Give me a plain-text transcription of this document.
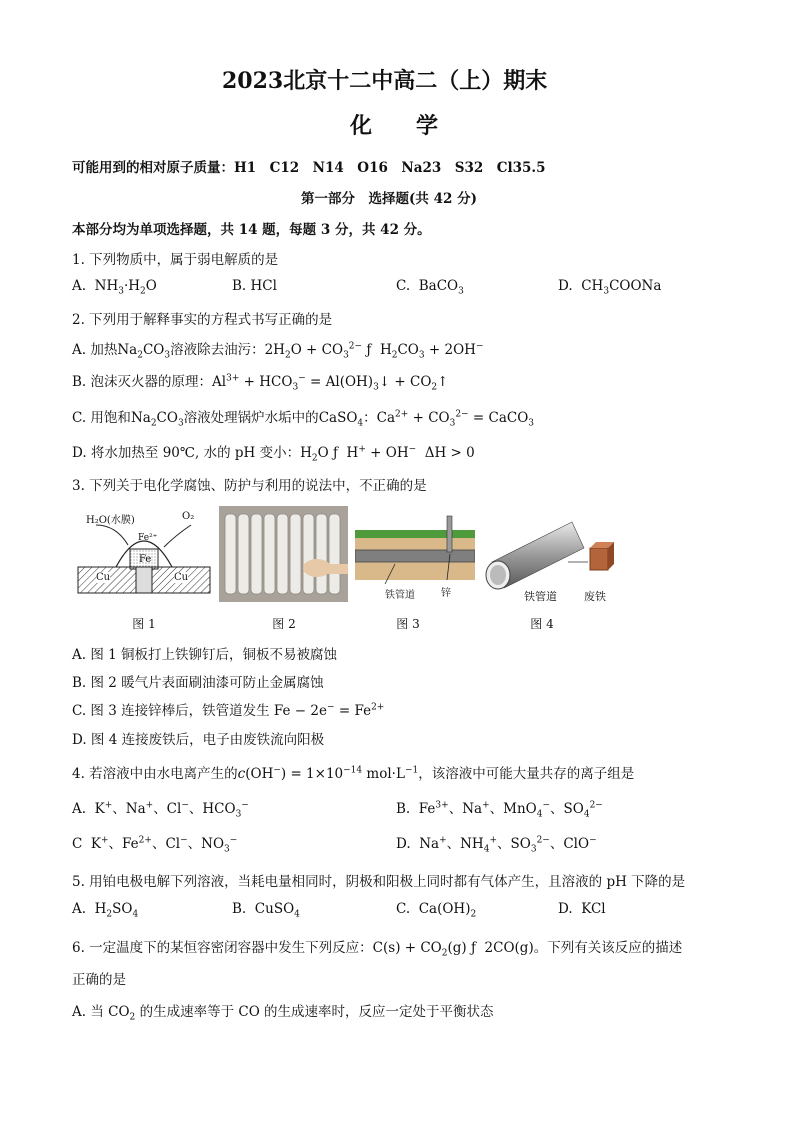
2023北京十二中高二（上）期末
化　　学
可能用到的相对原子质量：H1　C12　N14　O16　Na23　S32　Cl35.5
第一部分　选择题(共 42 分)
本部分均为单项选择题，共 14 题，每题 3 分，共 42 分。
1. 下列物质中，属于弱电解质的是
A.  $NH_3\cdot H_2O$	B. HCl	C.  BaCO$_3$	D.  $CH_3COONa$
2. 下列用于解释事实的方程式书写正确的是
A. 加热$Na_2CO_3$溶液除去油污：$2H_2O + CO_3^{2-}$ ƒ  $H_2CO_3 + 2OH^-$
B. 泡沫灭火器的原理：$Al^{3+} + HCO_3^-$ = $Al(OH)_3↓$ + $CO_2↑$
C. 用饱和$Na_2CO_3$溶液处理锅炉水垢中的CaSO$_4$：$Ca^{2+} + CO_3^{2-}$ = CaCO$_3$
D. 将水加热至 90℃, 水的 pH 变小：$H_2O$ ƒ  H+ + OH−  ΔH > 0
3. 下列关于电化学腐蚀、防护与利用的说法中，不正确的是
H₂O(水膜)	O₂
Fe²⁺
Fe
Cu	Cu
图 1	图 2
铁管道	锌
图 3
铁管道 废铁
图 4
A. 图 1 铜板打上铁铆钉后，铜板不易被腐蚀
B. 图 2 暖气片表面刷油漆可防止金属腐蚀
C. 图 3 连接锌棒后，铁管道发生 $Fe - 2e^- = Fe^{2+}$
D. 图 4 连接废铁后，电子由废铁流向阳极
4. 若溶液中由水电离产生的$c(OH^-) = 1\times 10^{-14}$ $mol\cdot L^{-1}$，该溶液中可能大量共存的离子组是
A.  K+、Na+、Cl−、$HCO_3^-$	B.  $Fe^{3+}$、Na+、MnO$_4$−、$SO_4^{2-}$
C  K+、$Fe^{2+}$、Cl−、$NO_3^-$	D.  Na+、$NH_4^+$、$SO_3^{2-}$、ClO−
5. 用铂电极电解下列溶液，当耗电量相同时，阴极和阳极上同时都有气体产生，且溶液的 pH 下降的是
A.  $H_2SO_4$	B.  CuSO$_4$	C.  $Ca(OH)_2$	D.  KCl
6. 一定温度下的某恒容密闭容器中发生下列反应：$C(s) + CO_2(g)$ ƒ  2CO(g)。下列有关该反应的描述
正确的是
A. 当 $CO_2$ 的生成速率等于 CO 的生成速率时，反应一定处于平衡状态
